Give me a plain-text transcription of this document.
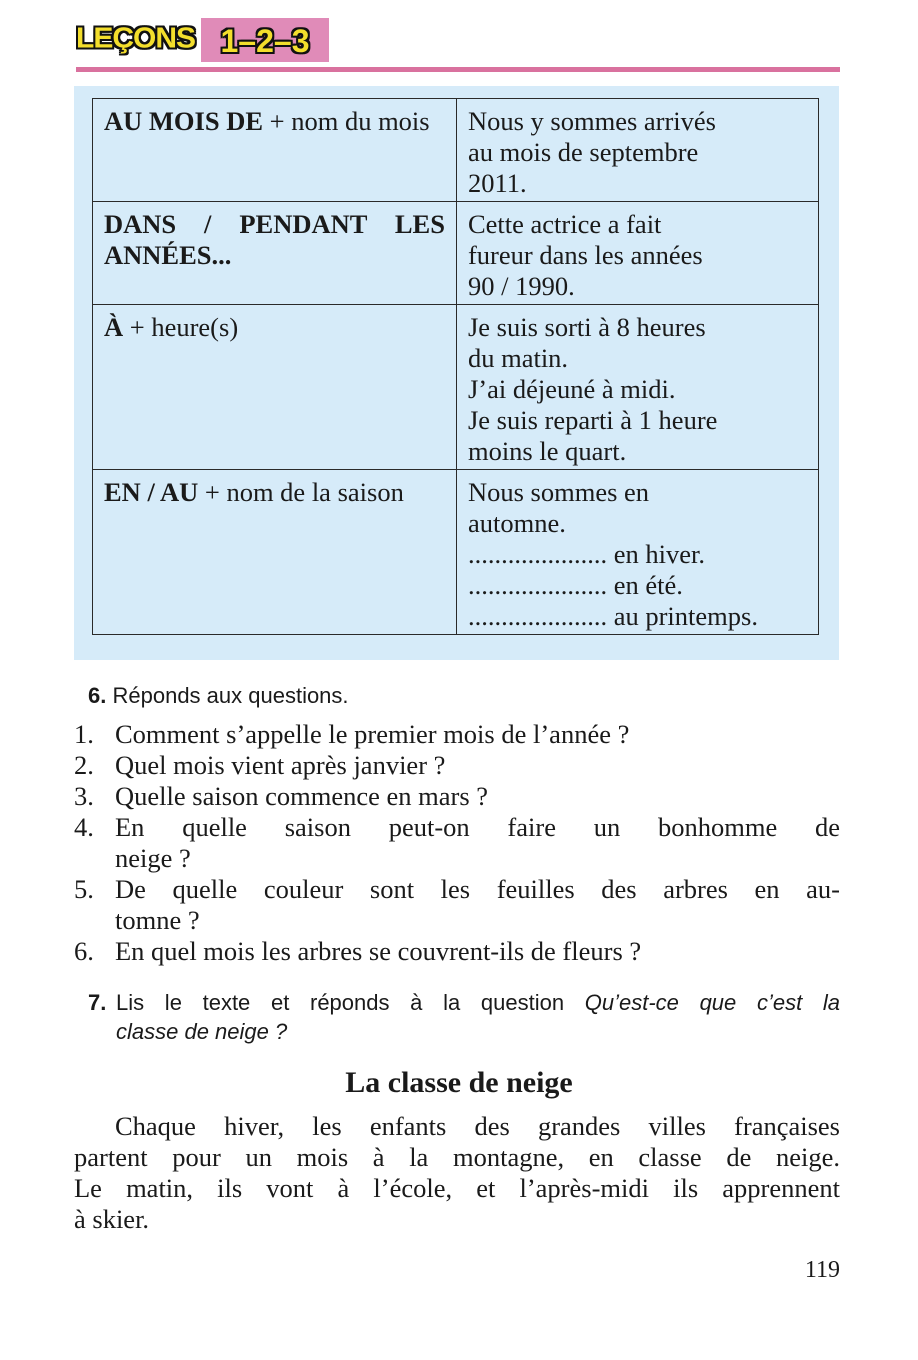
LEÇONS 1–2–3
AU MOIS DE + nom du mois	Nous y sommes arrivés
au mois de septembre
2011.

DANS / PENDANT LES ANNÉES...	Cette actrice a fait
fureur dans les années
90 / 1990.

À + heure(s)	Je suis sorti à 8 heures
du matin.
J’ai déjeuné à midi.
Je suis reparti à 1 heure
moins le quart.

EN / AU + nom de la saison	Nous sommes en
automne.
..................... en hiver.
..................... en été.
..................... au printemps.
6. Réponds aux questions.
1. Comment s’appelle le premier mois de l’année ?
2. Quel mois vient après janvier ?
3. Quelle saison commence en mars ?
4. En quelle saison peut-on faire un bonhomme de
neige ?
5. De quelle couleur sont les feuilles des arbres en au-
tomne ?
6. En quel mois les arbres se couvrent-ils de fleurs ?
7. Lis le texte et réponds à la question Qu’est-ce que c’est la
classe de neige ?
La classe de neige
Chaque hiver, les enfants des grandes villes françaises
partent pour un mois à la montagne, en classe de neige.
Le matin, ils vont à l’école, et l’après-midi ils apprennent
à skier.
119
